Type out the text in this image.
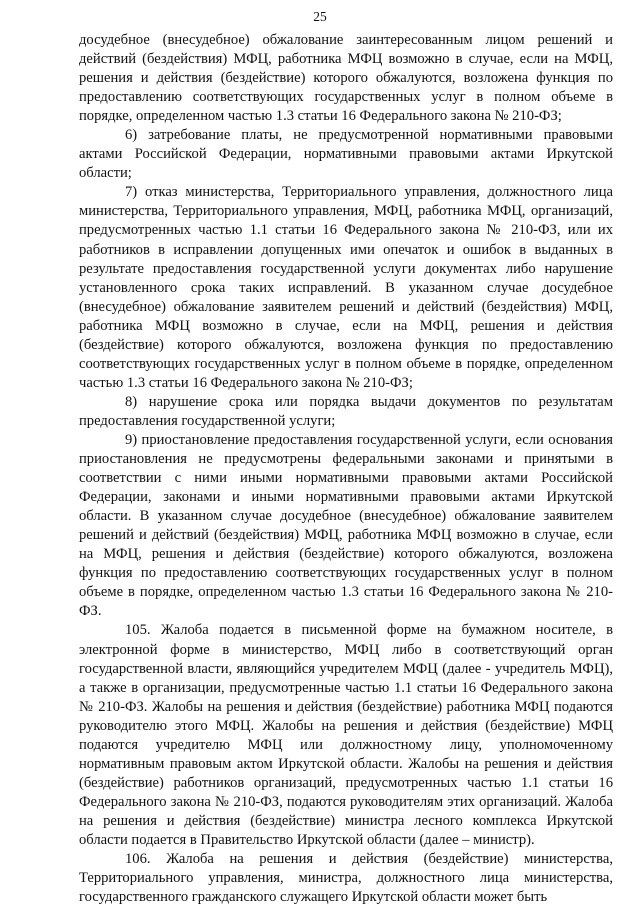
25

досудебное (внесудебное) обжалование заинтересованным лицом решений и действий (бездействия) МФЦ, работника МФЦ возможно в случае, если на МФЦ, решения и действия (бездействие) которого обжалуются, возложена функция по предоставлению соответствующих государственных услуг в полном объеме в порядке, определенном частью 1.3 статьи 16 Федерального закона № 210-ФЗ;

6) затребование платы, не предусмотренной нормативными правовыми актами Российской Федерации, нормативными правовыми актами Иркутской области;

7) отказ министерства, Территориального управления, должностного лица министерства, Территориального управления, МФЦ, работника МФЦ, организаций, предусмотренных частью 1.1 статьи 16 Федерального закона № 210-ФЗ, или их работников в исправлении допущенных ими опечаток и ошибок в выданных в результате предоставления государственной услуги документах либо нарушение установленного срока таких исправлений. В указанном случае досудебное (внесудебное) обжалование заявителем решений и действий (бездействия) МФЦ, работника МФЦ возможно в случае, если на МФЦ, решения и действия (бездействие) которого обжалуются, возложена функция по предоставлению соответствующих государственных услуг в полном объеме в порядке, определенном частью 1.3 статьи 16 Федерального закона № 210-ФЗ;

8) нарушение срока или порядка выдачи документов по результатам предоставления государственной услуги;

9) приостановление предоставления государственной услуги, если основания приостановления не предусмотрены федеральными законами и принятыми в соответствии с ними иными нормативными правовыми актами Российской Федерации, законами и иными нормативными правовыми актами Иркутской области. В указанном случае досудебное (внесудебное) обжалование заявителем решений и действий (бездействия) МФЦ, работника МФЦ возможно в случае, если на МФЦ, решения и действия (бездействие) которого обжалуются, возложена функция по предоставлению соответствующих государственных услуг в полном объеме в порядке, определенном частью 1.3 статьи 16 Федерального закона № 210-ФЗ.

105. Жалоба подается в письменной форме на бумажном носителе, в электронной форме в министерство, МФЦ либо в соответствующий орган государственной власти, являющийся учредителем МФЦ (далее - учредитель МФЦ), а также в организации, предусмотренные частью 1.1 статьи 16 Федерального закона № 210-ФЗ. Жалобы на решения и действия (бездействие) работника МФЦ подаются руководителю этого МФЦ. Жалобы на решения и действия (бездействие) МФЦ подаются учредителю МФЦ или должностному лицу, уполномоченному нормативным правовым актом Иркутской области. Жалобы на решения и действия (бездействие) работников организаций, предусмотренных частью 1.1 статьи 16 Федерального закона № 210-ФЗ, подаются руководителям этих организаций. Жалоба на решения и действия (бездействие) министра лесного комплекса Иркутской области подается в Правительство Иркутской области (далее – министр).

106. Жалоба на решения и действия (бездействие) министерства, Территориального управления, министра, должностного лица министерства, государственного гражданского служащего Иркутской области может быть
